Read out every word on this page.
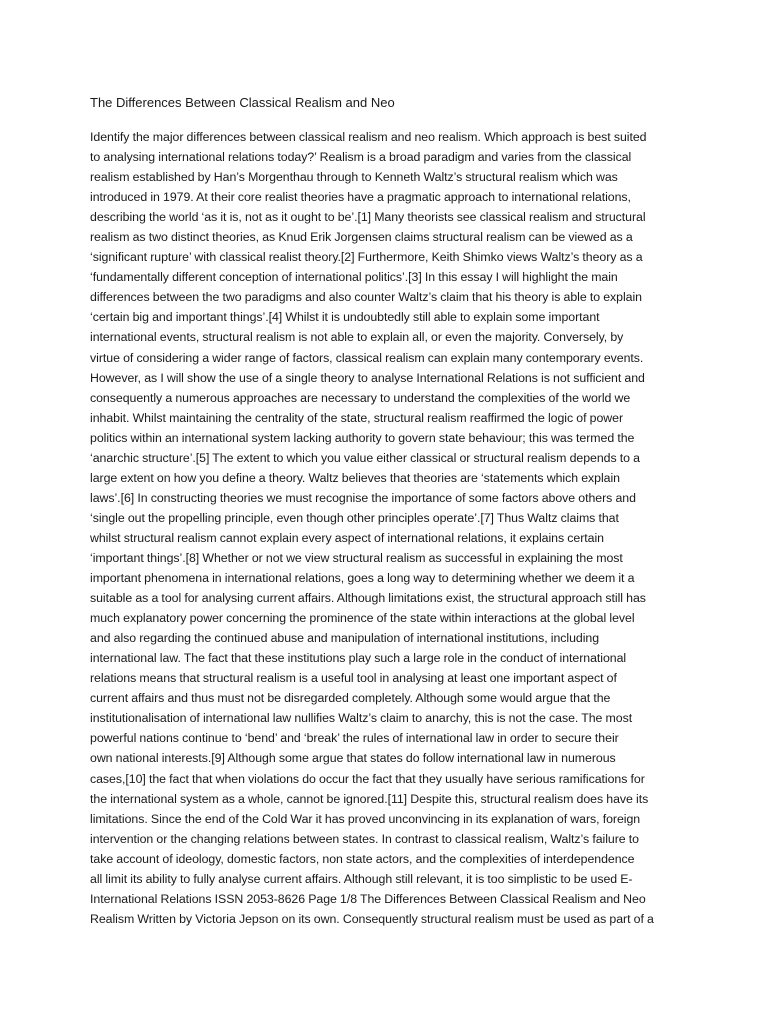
The Differences Between Classical Realism and Neo
Identify the major differences between classical realism and neo realism. Which approach is best suited
to analysing international relations today?’ Realism is a broad paradigm and varies from the classical
realism established by Han’s Morgenthau through to Kenneth Waltz’s structural realism which was
introduced in 1979. At their core realist theories have a pragmatic approach to international relations,
describing the world ‘as it is, not as it ought to be’.[1] Many theorists see classical realism and structural
realism as two distinct theories, as Knud Erik Jorgensen claims structural realism can be viewed as a
‘significant rupture’ with classical realist theory.[2] Furthermore, Keith Shimko views Waltz’s theory as a
‘fundamentally different conception of international politics’.[3] In this essay I will highlight the main
differences between the two paradigms and also counter Waltz’s claim that his theory is able to explain
‘certain big and important things’.[4] Whilst it is undoubtedly still able to explain some important
international events, structural realism is not able to explain all, or even the majority. Conversely, by
virtue of considering a wider range of factors, classical realism can explain many contemporary events.
However, as I will show the use of a single theory to analyse International Relations is not sufficient and
consequently a numerous approaches are necessary to understand the complexities of the world we
inhabit. Whilst maintaining the centrality of the state, structural realism reaffirmed the logic of power
politics within an international system lacking authority to govern state behaviour; this was termed the
‘anarchic structure’.[5] The extent to which you value either classical or structural realism depends to a
large extent on how you define a theory. Waltz believes that theories are ‘statements which explain
laws’.[6] In constructing theories we must recognise the importance of some factors above others and
‘single out the propelling principle, even though other principles operate’.[7] Thus Waltz claims that
whilst structural realism cannot explain every aspect of international relations, it explains certain
‘important things’.[8] Whether or not we view structural realism as successful in explaining the most
important phenomena in international relations, goes a long way to determining whether we deem it a
suitable as a tool for analysing current affairs. Although limitations exist, the structural approach still has
much explanatory power concerning the prominence of the state within interactions at the global level
and also regarding the continued abuse and manipulation of international institutions, including
international law. The fact that these institutions play such a large role in the conduct of international
relations means that structural realism is a useful tool in analysing at least one important aspect of
current affairs and thus must not be disregarded completely. Although some would argue that the
institutionalisation of international law nullifies Waltz’s claim to anarchy, this is not the case. The most
powerful nations continue to ‘bend’ and ‘break’ the rules of international law in order to secure their
own national interests.[9] Although some argue that states do follow international law in numerous
cases,[10] the fact that when violations do occur the fact that they usually have serious ramifications for
the international system as a whole, cannot be ignored.[11] Despite this, structural realism does have its
limitations. Since the end of the Cold War it has proved unconvincing in its explanation of wars, foreign
intervention or the changing relations between states. In contrast to classical realism, Waltz’s failure to
take account of ideology, domestic factors, non state actors, and the complexities of interdependence
all limit its ability to fully analyse current affairs. Although still relevant, it is too simplistic to be used E-
International Relations ISSN 2053-8626 Page 1/8 The Differences Between Classical Realism and Neo
Realism Written by Victoria Jepson on its own. Consequently structural realism must be used as part of a
